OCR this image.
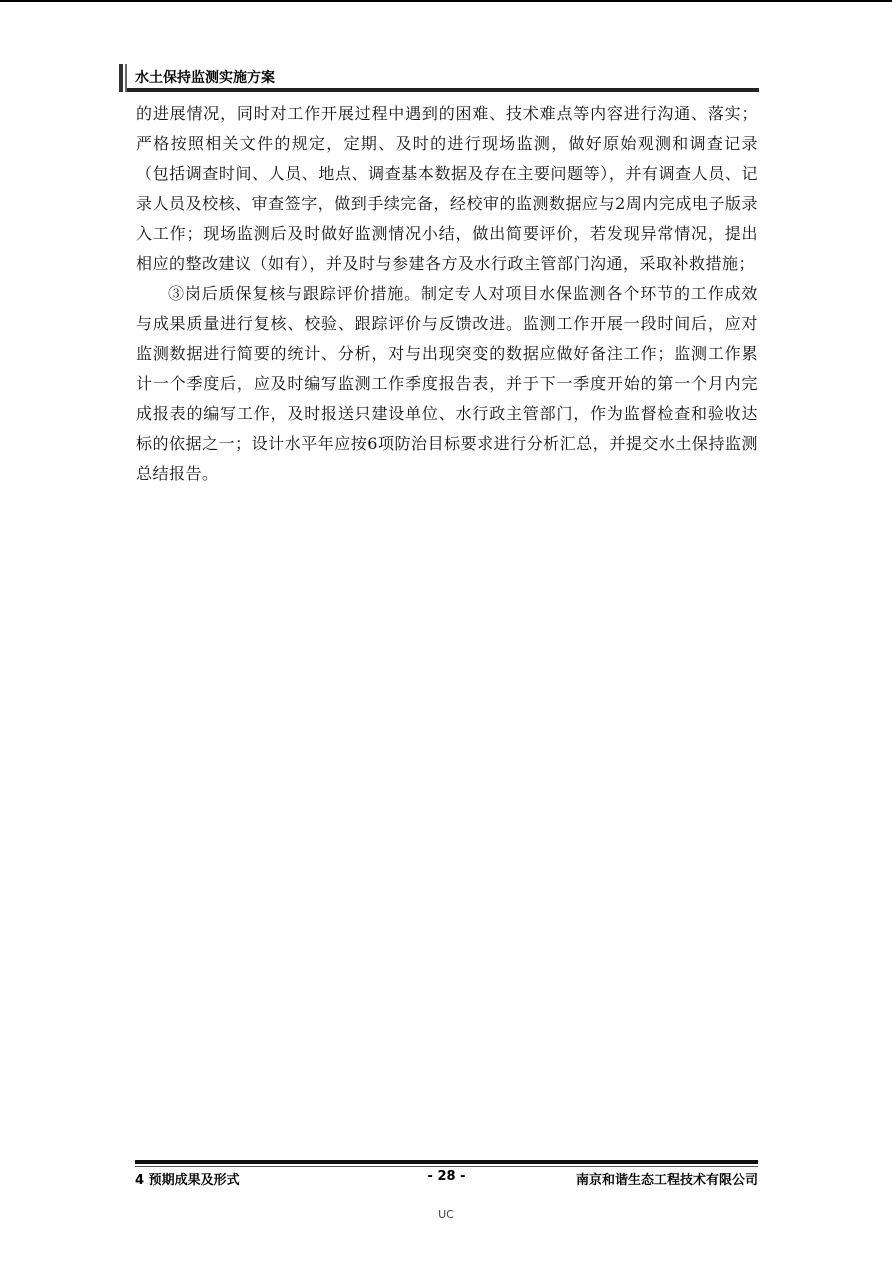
水土保持监测实施方案

的进展情况，同时对工作开展过程中遇到的困难、技术难点等内容进行沟通、落实；严格按照相关文件的规定，定期、及时的进行现场监测，做好原始观测和调查记录（包括调查时间、人员、地点、调查基本数据及存在主要问题等），并有调查人员、记录人员及校核、审查签字，做到手续完备，经校审的监测数据应与2周内完成电子版录入工作；现场监测后及时做好监测情况小结，做出简要评价，若发现异常情况，提出相应的整改建议（如有），并及时与参建各方及水行政主管部门沟通，采取补救措施；

③岗后质保复核与跟踪评价措施。制定专人对项目水保监测各个环节的工作成效与成果质量进行复核、校验、跟踪评价与反馈改进。监测工作开展一段时间后，应对监测数据进行简要的统计、分析，对与出现突变的数据应做好备注工作；监测工作累计一个季度后，应及时编写监测工作季度报告表，并于下一季度开始的第一个月内完成报表的编写工作，及时报送只建设单位、水行政主管部门，作为监督检查和验收达标的依据之一；设计水平年应按6项防治目标要求进行分析汇总，并提交水土保持监测总结报告。

4 预期成果及形式	- 28 -	南京和谐生态工程技术有限公司
UC
